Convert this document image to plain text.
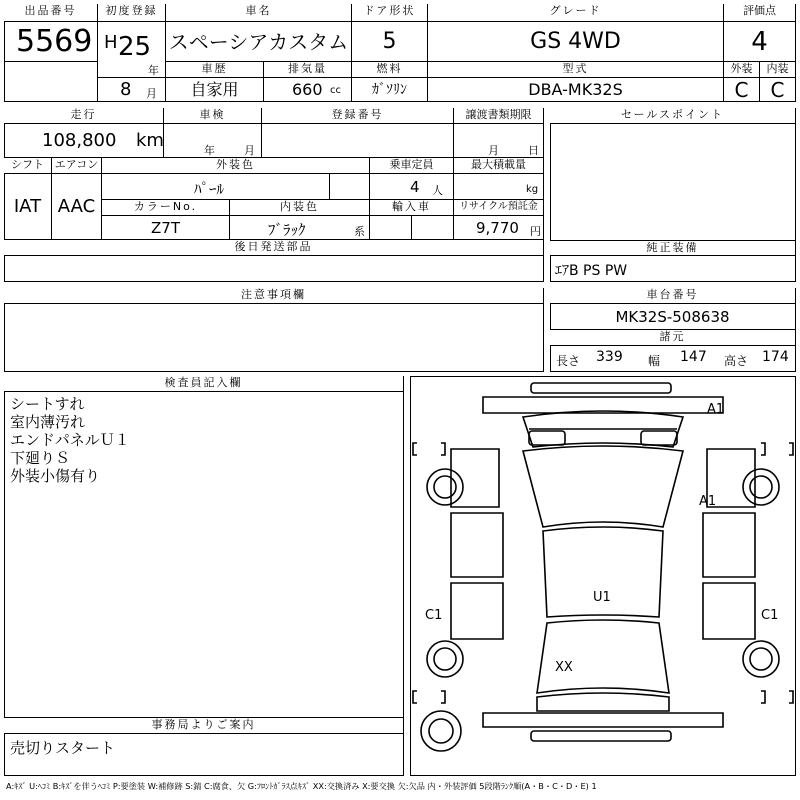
出品番号
5569
初度登録
H 25
年
8 月
車名
スペーシアカスタム
ドア形状
5
グレード
GS 4WD
評価点
4
車歴
自家用
排気量
660 cc
燃料
ｶﾞｿﾘﾝ
型式
DBA-MK32S
外装
C
内装
C
走行
108,800 km
車検
年	月
登録番号	譲渡書類期限
月	日
シフト
IAT
エアコン
AAC
外装色
ﾊﾟｰﾙ
乗車定員
4 人
最大積載量
kg
カラーNo.
Z7T
内装色
ﾌﾞﾗｯｸ	系
輸入車	リサイクル預託金
9,770 円
後日発送部品
セールスポイント
純正装備
ｴｱB PS PW
注意事項欄	車台番号
MK32S-508638
諸元
長さ 339 幅 147 高さ 174
検査員記入欄
シートすれ
室内薄汚れ
エンドパネルＵ１
下廻りＳ
外装小傷有り
事務局よりご案内
売切りスタート
A1
A1
C1	C1
U1
XX
A:ｷｽﾞ U:ﾍｺﾐ B:ｷｽﾞを伴うﾍｺﾐ P:要塗装 W:補修跡 S:錆 C:腐食、欠 G:ﾌﾛﾝﾄｶﾞﾗｽ点ｷｽﾞ XX:交換済み X:要交換 欠:欠品 内・外装評価 5段階ﾗﾝｸ順(A・B・C・D・E) 1
